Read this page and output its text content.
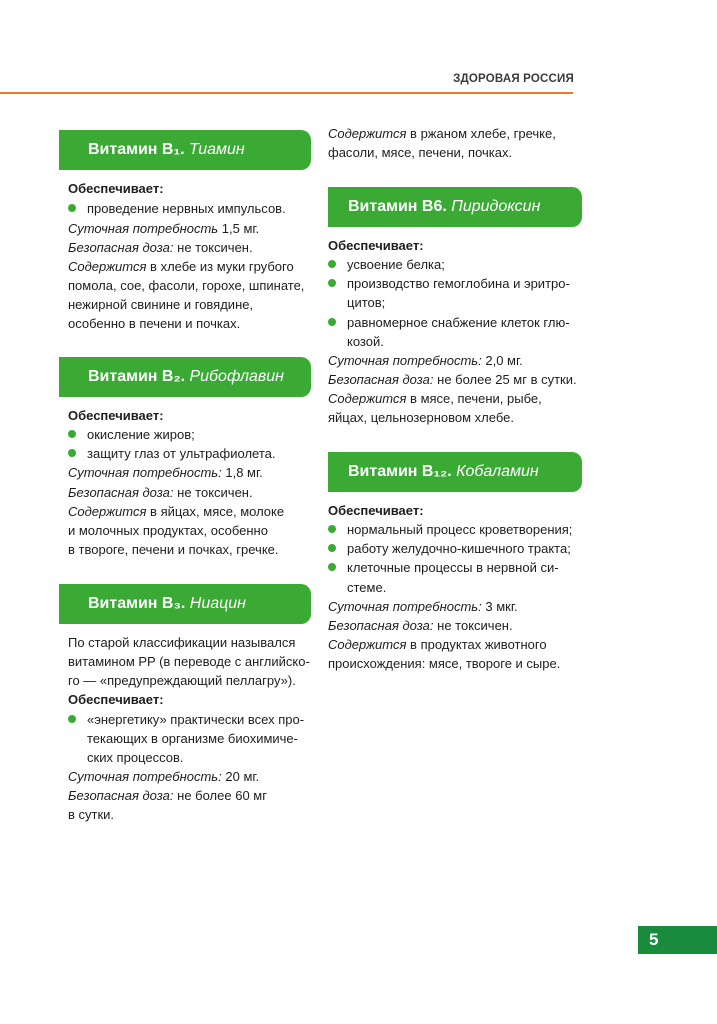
ЗДОРОВАЯ РОССИЯ
Витамин B₁.
Тиамин
Обеспечивает:
проведение нервных импульсов.
Суточная потребность 1,5 мг.
Безопасная доза: не токсичен.
Содержится в хлебе из муки грубого
помола, сое, фасоли, горохе, шпинате,
нежирной свинине и говядине,
особенно в печени и почках.
Витамин B₂.
Рибофлавин
Обеспечивает:
окисление жиров;
защиту глаз от ультрафиолета.
Суточная потребность: 1,8 мг.
Безопасная доза: не токсичен.
Содержится в яйцах, мясе, молоке
и молочных продуктах, особенно
в твороге, печени и почках, гречке.
Витамин B₃.
Ниацин
По старой классификации назывался
витамином PP (в переводе с английско-
го — «предупреждающий пеллагру»).
Обеспечивает:
«энергетику» практически всех про-
текающих в организме биохимиче-
ских процессов.
Суточная потребность: 20 мг.
Безопасная доза: не более 60 мг
в сутки.
Содержится в ржаном хлебе, гречке,
фасоли, мясе, печени, почках.
Витамин B6.
Пиридоксин
Обеспечивает:
усвоение белка;
производство гемоглобина и эритро-
цитов;
равномерное снабжение клеток глю-
козой.
Суточная потребность: 2,0 мг.
Безопасная доза: не более 25 мг в сутки.
Содержится в мясе, печени, рыбе,
яйцах, цельнозерновом хлебе.
Витамин B₁₂.
Кобаламин
Обеспечивает:
нормальный процесс кроветворения;
работу желудочно-кишечного тракта;
клеточные процессы в нервной си-
стеме.
Суточная потребность: 3 мкг.
Безопасная доза: не токсичен.
Содержится в продуктах животного
происхождения: мясе, твороге и сыре.
5
